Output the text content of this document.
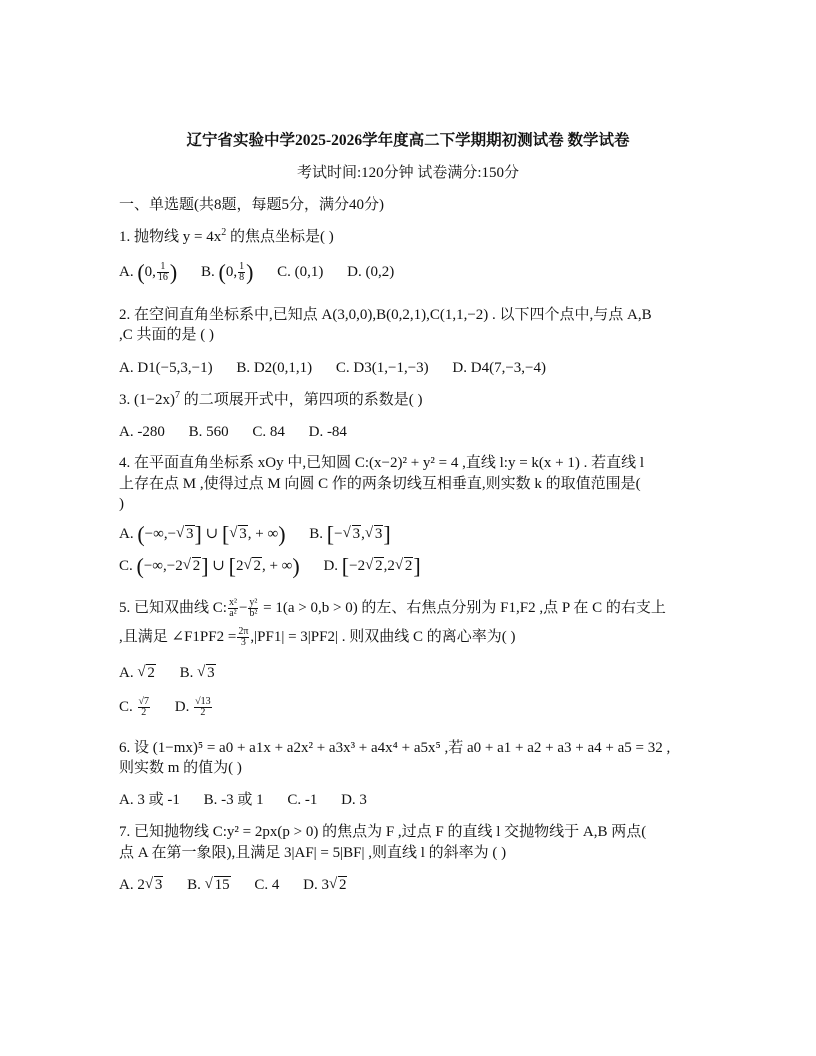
辽宁省实验中学2025-2026学年度高二下学期期初测试卷 数学试卷
考试时间:120分钟 试卷满分:150分
一、单选题(共8题，每题5分，满分40分)
1. 抛物线 $y = 4x^2$ 的焦点坐标是( )
A. (0, $\frac{1}{16}$ ) B. (0, $\frac{1}{8}$ ) C. (0,1) D. (0,2)
2. 在空间直角坐标系中,已知点 A(3,0,0),B(0,2,1),C(1,1,−2) . 以下四个点中,与点 A,B
,C 共面的是 ( )
A. D1(−5,3,−1) B. D2(0,1,1) C. D3(1,−1,−3) D. D4(7,−3,−4)
3. $(1-2x)^7$ 的二项展开式中，第四项的系数是( )
A. -280 B. 560 C. 84 D. -84
4. 在平面直角坐标系 xOy 中,已知圆 C:(x−2)² + y² = 4 ,直线 l:y = k(x + 1) . 若直线 l
上存在点 M ,使得过点 M 向圆 C 作的两条切线互相垂直,则实数 k 的取值范围是(
)
A. (−∞,− √ 3] ∪ [ √ 3, + ∞) B. [− √ 3, √ 3]
C. (−∞,−2 √ 2] ∪ [2 √ 2, + ∞) D. [−2 √ 2,2 √ 2]
5. 已知双曲线 C: $\frac{\text{x²}}{\text{a²}} - \frac{\text{y²}}{\text{b²}} = 1(a > 0,b > 0)$ 的左、右焦点分别为 F1,F2 ,点 P 在 C 的右支上
,且满足 ∠F1PF2 = $\frac{2\pi}{3} ,|PF1| = 3|PF2|$ . 则双曲线 C 的离心率为( )
A. √ 2 B. √ 3
C. $\frac{√7}{2} D$. $\frac{√13}{2}$
6. 设 (1−mx)⁵ = a0 + a1x + a2x² + a3x³ + a4x⁴ + a5x⁵ ,若 a0 + a1 + a2 + a3 + a4 + a5 = 32 ,
则实数 m 的值为( )
A. 3 或 -1 B. -3 或 1 C. -1 D. 3
7. 已知抛物线 C:y² = 2px(p > 0) 的焦点为 F ,过点 F 的直线 l 交抛物线于 A,B 两点(
点 A 在第一象限),且满足 3|AF| = 5|BF| ,则直线 l 的斜率为 ( )
A. 2 √ 3 B. √ 15 C. 4 D. 3 √ 2
